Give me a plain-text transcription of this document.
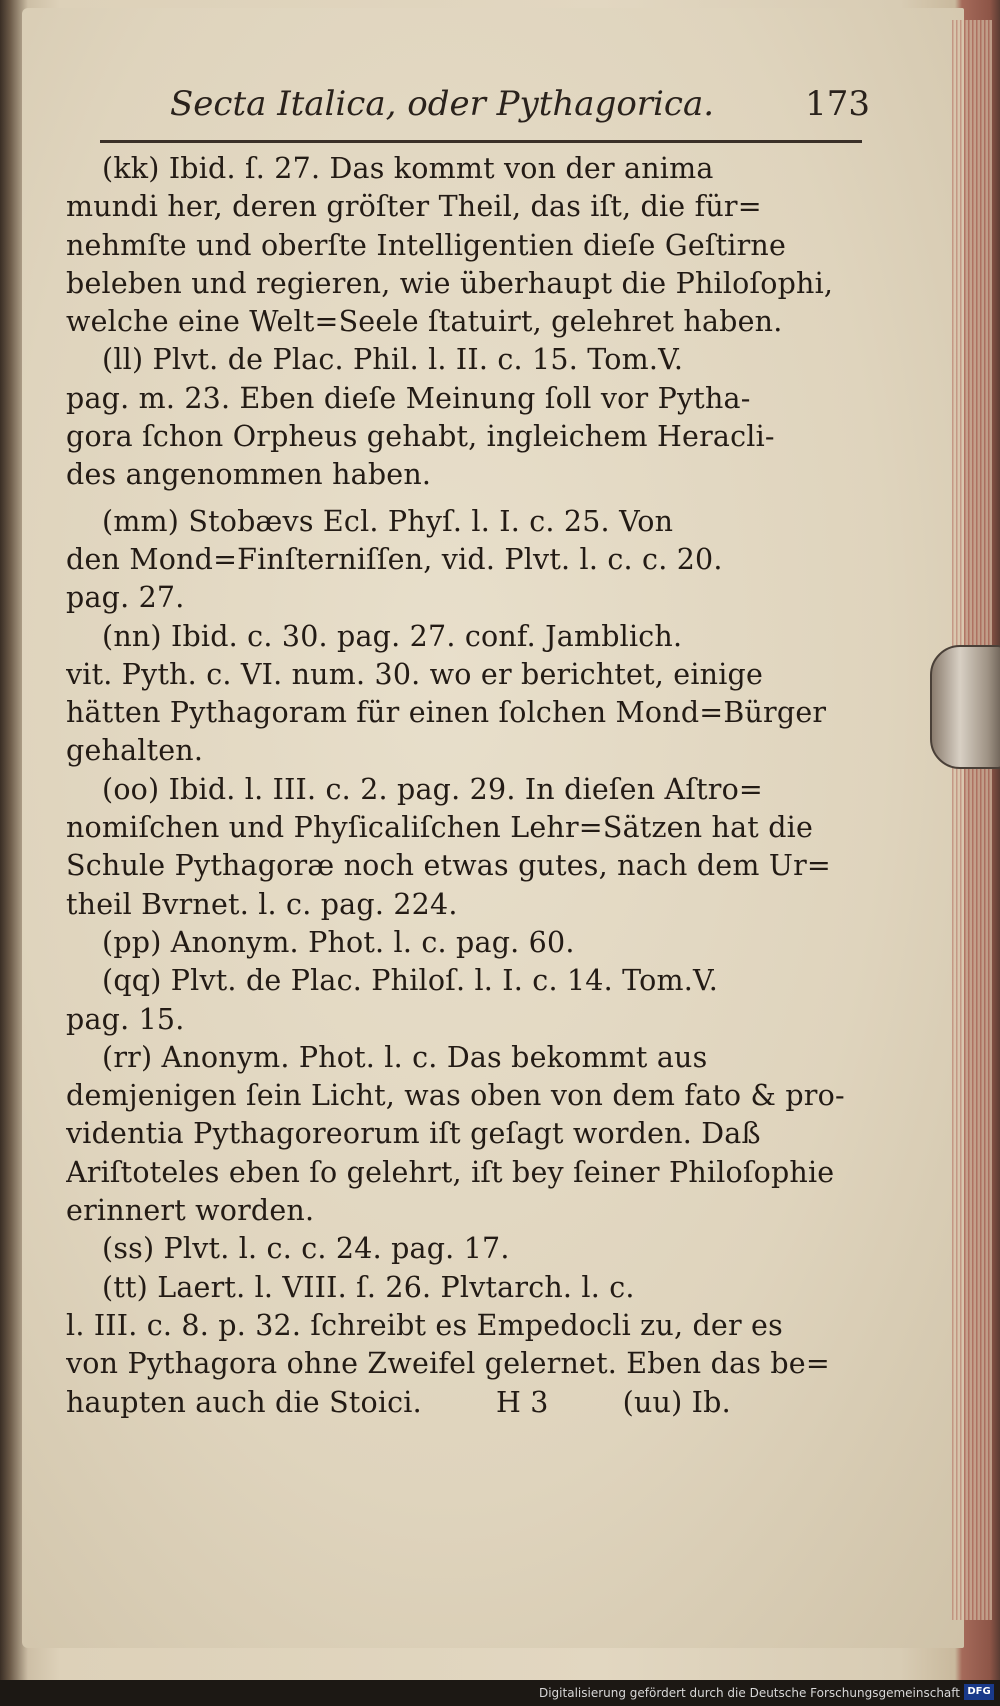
Secta Italica, oder Pythagorica.	173
(kk) Ibid. ſ. 27. Das kommt von der anima
mundi her, deren gröſter Theil, das iſt, die für=
nehmſte und oberſte Intelligentien dieſe Geſtirne
beleben und regieren, wie überhaupt die Philoſophi,
welche eine Welt=Seele ſtatuirt, gelehret haben.
(ll) Plvt. de Plac. Phil. l. II. c. 15. Tom.V.
pag. m. 23. Eben dieſe Meinung ſoll vor Pytha-
gora ſchon Orpheus gehabt, ingleichem Heracli-
des angenommen haben.
(mm) Stobævs Ecl. Phyſ. l. I. c. 25. Von
den Mond=Finſterniſſen, vid. Plvt. l. c. c. 20.
pag. 27.
(nn) Ibid. c. 30. pag. 27. conf. Jamblich.
vit. Pyth. c. VI. num. 30. wo er berichtet, einige
hätten Pythagoram für einen ſolchen Mond=Bürger
gehalten.
(oo) Ibid. l. III. c. 2. pag. 29. In dieſen Aſtro=
nomiſchen und Phyſicaliſchen Lehr=Sätzen hat die
Schule Pythagoræ noch etwas gutes, nach dem Ur=
theil Bvrnet. l. c. pag. 224.
(pp) Anonym. Phot. l. c. pag. 60.
(qq) Plvt. de Plac. Philoſ. l. I. c. 14. Tom.V.
pag. 15.
(rr) Anonym. Phot. l. c. Das bekommt aus
demjenigen ſein Licht, was oben von dem fato & pro-
videntia Pythagoreorum iſt geſagt worden. Daß
Ariſtoteles eben ſo gelehrt, iſt bey ſeiner Philoſophie
erinnert worden.
(ss) Plvt. l. c. c. 24. pag. 17.
(tt) Laert. l. VIII. ſ. 26. Plvtarch. l. c.
l. III. c. 8. p. 32. ſchreibt es Empedocli zu, der es
von Pythagora ohne Zweifel gelernet. Eben das be=
haupten auch die Stoici.        H 3        (uu) Ib.
Digitalisierung gefördert durch die Deutsche Forschungsgemeinschaft DFG
